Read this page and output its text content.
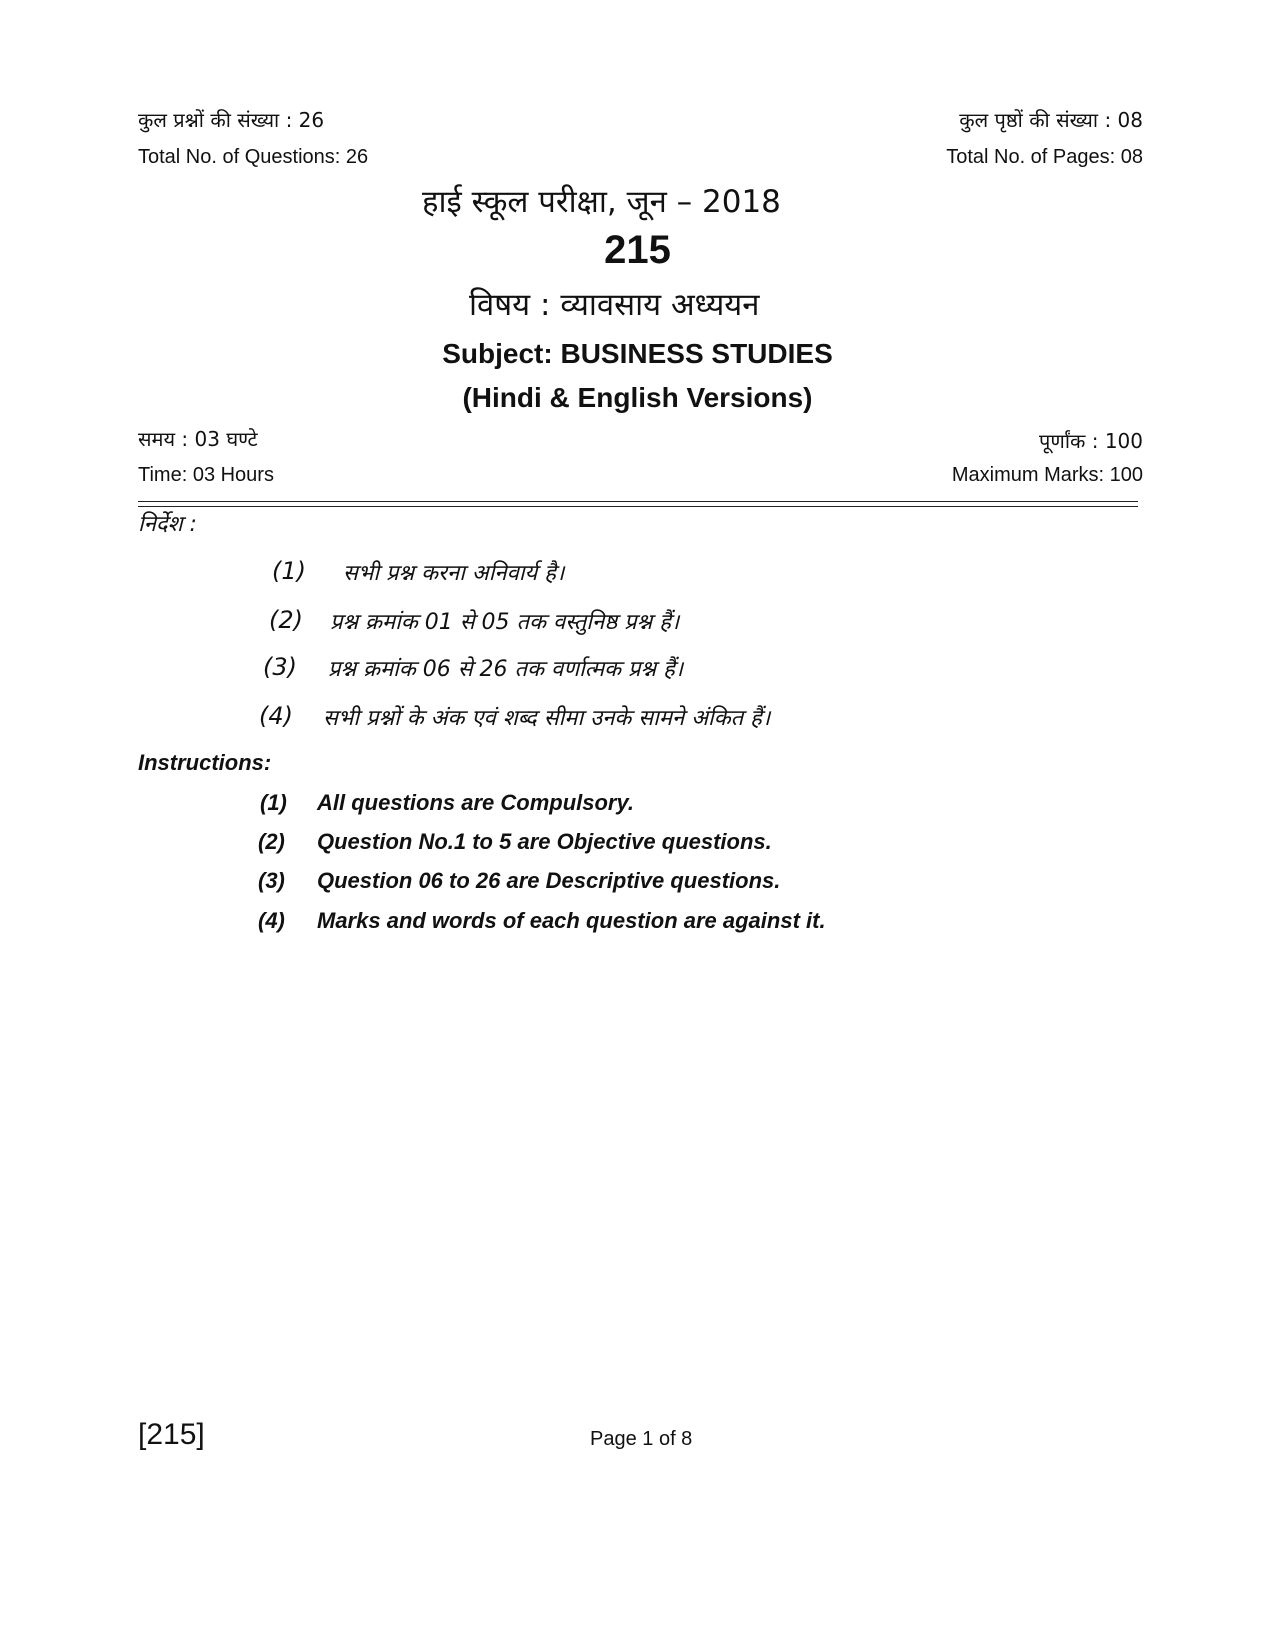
कुल प्रश्नों की संख्या : 26	कुल पृष्ठों की संख्या : 08
Total No. of Questions: 26	Total No. of Pages: 08
हाई स्कूल परीक्षा, जून – 2018
215
विषय : व्यावसाय अध्ययन
Subject: BUSINESS STUDIES
(Hindi & English Versions)
समय : 03 घण्टे	पूर्णांक : 100
Time: 03 Hours	Maximum Marks: 100
निर्देश :
(1) सभी प्रश्न करना अनिवार्य है।
(2) प्रश्न क्रमांक 01 से 05 तक वस्तुनिष्ठ प्रश्न हैं।
(3) प्रश्न क्रमांक 06 से 26 तक वर्णात्मक प्रश्न हैं।
(4) सभी प्रश्नों के अंक एवं शब्द सीमा उनके सामने अंकित हैं।
Instructions:
(1) All questions are Compulsory.
(2) Question No.1 to 5 are Objective questions.
(3) Question 06 to 26 are Descriptive questions.
(4) Marks and words of each question are against it.
[215]	Page 1 of 8
